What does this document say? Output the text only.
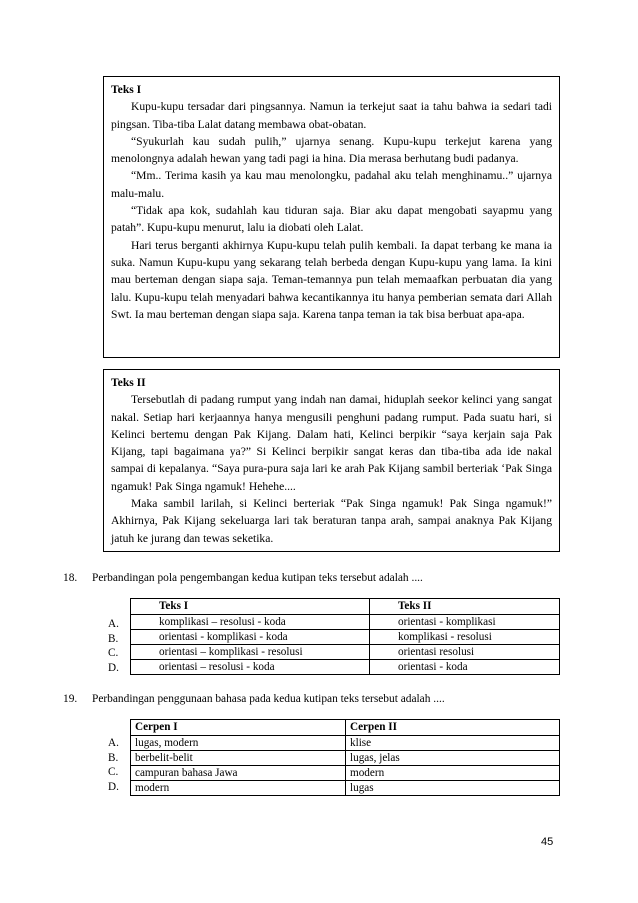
Teks I

Kupu-kupu tersadar dari pingsannya. Namun ia terkejut saat ia tahu bahwa ia sedari tadi pingsan. Tiba-tiba Lalat datang membawa obat-obatan.

“Syukurlah kau sudah pulih,” ujarnya senang. Kupu-kupu terkejut karena yang menolongnya adalah hewan yang tadi pagi ia hina. Dia merasa berhutang budi padanya.

“Mm.. Terima kasih ya kau mau menolongku, padahal aku telah menghinamu..” ujarnya malu-malu.

“Tidak apa kok, sudahlah kau tiduran saja. Biar aku dapat mengobati sayapmu yang patah”. Kupu-kupu menurut, lalu ia diobati oleh Lalat.

Hari terus berganti akhirnya Kupu-kupu telah pulih kembali. Ia dapat terbang ke mana ia suka. Namun Kupu-kupu yang sekarang telah berbeda dengan Kupu-kupu yang lama. Ia kini mau berteman dengan siapa saja. Teman-temannya pun telah memaafkan perbuatan dia yang lalu. Kupu-kupu telah menyadari bahwa kecantikannya itu hanya pemberian semata dari Allah Swt. Ia mau berteman dengan siapa saja. Karena tanpa teman ia tak bisa berbuat apa-apa.

Teks II

Tersebutlah di padang rumput yang indah nan damai, hiduplah seekor kelinci yang sangat nakal. Setiap hari kerjaannya hanya mengusili penghuni padang rumput. Pada suatu hari, si Kelinci bertemu dengan Pak Kijang. Dalam hati, Kelinci berpikir “saya kerjain saja Pak Kijang, tapi bagaimana ya?” Si Kelinci berpikir sangat keras dan tiba-tiba ada ide nakal sampai di kepalanya. “Saya pura-pura saja lari ke arah Pak Kijang sambil berteriak ‘Pak Singa ngamuk! Pak Singa ngamuk! Hehehe....

Maka sambil larilah, si Kelinci berteriak “Pak Singa ngamuk! Pak Singa ngamuk!” Akhirnya, Pak Kijang sekeluarga lari tak beraturan tanpa arah, sampai anaknya Pak Kijang jatuh ke jurang dan tewas seketika.

18. Perbandingan pola pengembangan kedua kutipan teks tersebut adalah ....
A.
B.
C.
D.
Teks I	Teks II
komplikasi – resolusi - koda	orientasi - komplikasi
orientasi - komplikasi - koda	komplikasi - resolusi
orientasi – komplikasi - resolusi	orientasi resolusi
orientasi – resolusi - koda	orientasi - koda
19. Perbandingan penggunaan bahasa pada kedua kutipan teks tersebut adalah ....
A.
B.
C.
D.
Cerpen I	Cerpen II
lugas, modern	klise
berbelit-belit	lugas, jelas
campuran bahasa Jawa	modern
modern	lugas
45
